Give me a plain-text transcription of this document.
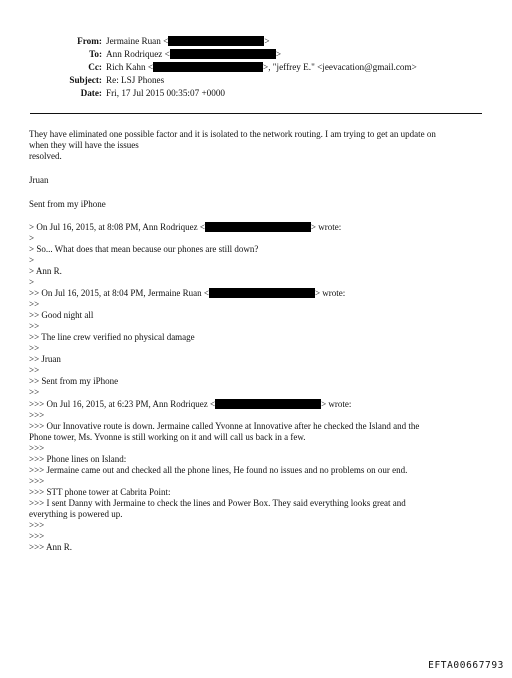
From: Jermaine Ruan <	>
To: Ann Rodriquez <	>
Cc: Rich Kahn <	>, "jeffrey E." <jeevacation@gmail.com>
Subject: Re: LSJ Phones
Date: Fri, 17 Jul 2015 00:35:07 +0000
They have eliminated one possible factor and it is isolated to the network routing. I am trying to get an update on
when they will have the issues
resolved.
Jruan
Sent from my iPhone
> On Jul 16, 2015, at 8:08 PM, Ann Rodriquez <	> wrote:
>
> So... What does that mean because our phones are still down?
>
> Ann R.
>
>> On Jul 16, 2015, at 8:04 PM, Jermaine Ruan <	> wrote:
>>
>> Good night all
>>
>> The line crew verified no physical damage
>>
>> Jruan
>>
>> Sent from my iPhone
>>
>>> On Jul 16, 2015, at 6:23 PM, Ann Rodriquez <	> wrote:
>>>
>>> Our Innovative route is down. Jermaine called Yvonne at Innovative after he checked the Island and the
Phone tower, Ms. Yvonne is still working on it and will call us back in a few.
>>>
>>> Phone lines on Island:
>>> Jermaine came out and checked all the phone lines, He found no issues and no problems on our end.
>>>
>>> STT phone tower at Cabrita Point:
>>> I sent Danny with Jermaine to check the lines and Power Box. They said everything looks great and
everything is powered up.
>>>
>>>
>>> Ann R.
EFTA00667793
